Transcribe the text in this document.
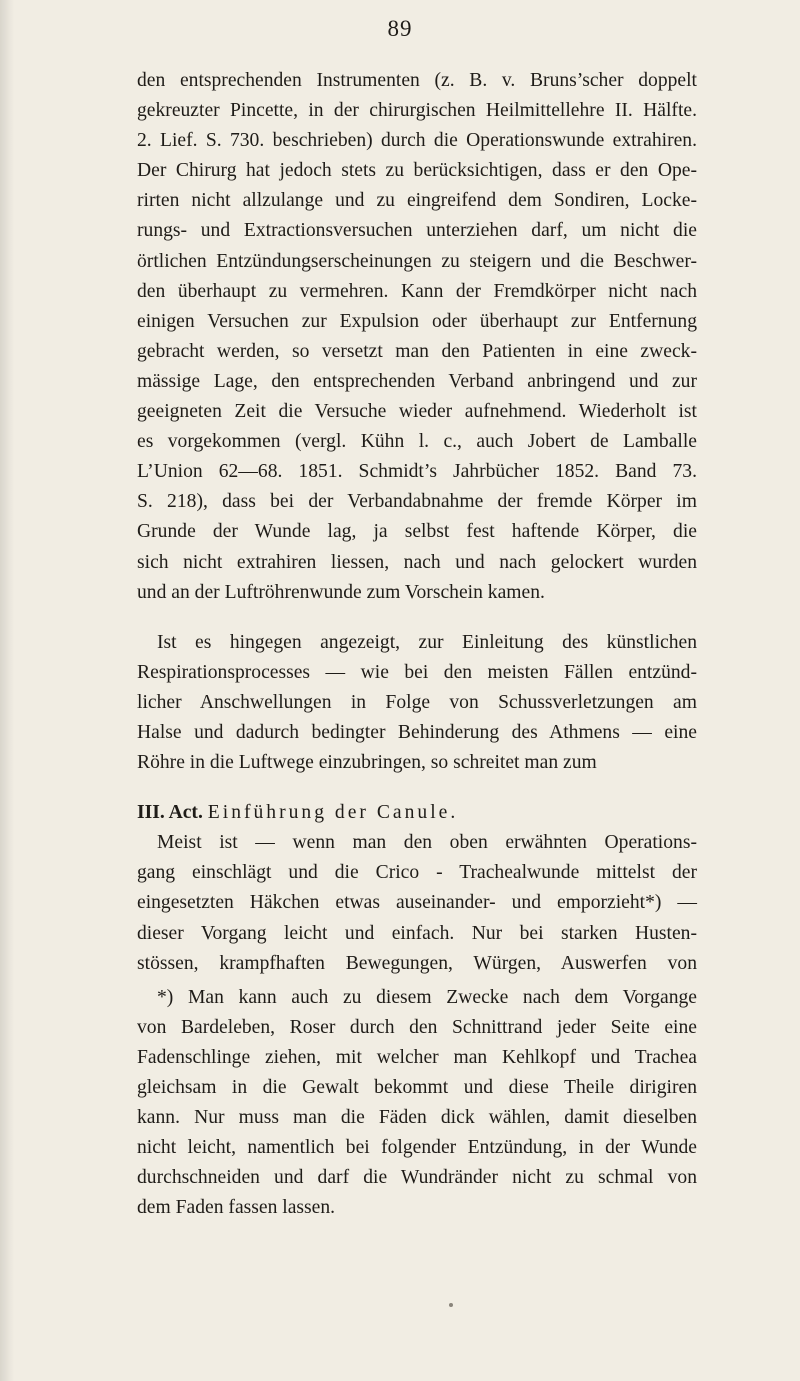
89
den entsprechenden Instrumenten (z. B. v. Bruns’scher doppelt
gekreuzter Pincette, in der chirurgischen Heilmittellehre II. Hälfte.
2. Lief. S. 730. beschrieben) durch die Operationswunde extrahiren.
Der Chirurg hat jedoch stets zu berücksichtigen, dass er den Ope-
rirten nicht allzulange und zu eingreifend dem Sondiren, Locke-
rungs- und Extractionsversuchen unterziehen darf, um nicht die
örtlichen Entzündungserscheinungen zu steigern und die Beschwer-
den überhaupt zu vermehren. Kann der Fremdkörper nicht nach
einigen Versuchen zur Expulsion oder überhaupt zur Entfernung
gebracht werden, so versetzt man den Patienten in eine zweck-
mässige Lage, den entsprechenden Verband anbringend und zur
geeigneten Zeit die Versuche wieder aufnehmend. Wiederholt ist
es vorgekommen (vergl. Kühn l. c., auch Jobert de Lamballe
L’Union 62—68. 1851. Schmidt’s Jahrbücher 1852. Band 73.
S. 218), dass bei der Verbandabnahme der fremde Körper im
Grunde der Wunde lag, ja selbst fest haftende Körper, die
sich nicht extrahiren liessen, nach und nach gelockert wurden
und an der Luftröhrenwunde zum Vorschein kamen.
Ist es hingegen angezeigt, zur Einleitung des künstlichen
Respirationsprocesses — wie bei den meisten Fällen entzünd-
licher Anschwellungen in Folge von Schussverletzungen am
Halse und dadurch bedingter Behinderung des Athmens — eine
Röhre in die Luftwege einzubringen, so schreitet man zum
III. Act. Einführung der Canule.
Meist ist — wenn man den oben erwähnten Operations-
gang einschlägt und die Crico - Trachealwunde mittelst der
eingesetzten Häkchen etwas auseinander- und emporzieht*) —
dieser Vorgang leicht und einfach. Nur bei starken Husten-
stössen, krampfhaften Bewegungen, Würgen, Auswerfen von
*) Man kann auch zu diesem Zwecke nach dem Vorgange
von Bardeleben, Roser durch den Schnittrand jeder Seite eine
Fadenschlinge ziehen, mit welcher man Kehlkopf und Trachea
gleichsam in die Gewalt bekommt und diese Theile dirigiren
kann. Nur muss man die Fäden dick wählen, damit dieselben
nicht leicht, namentlich bei folgender Entzündung, in der Wunde
durchschneiden und darf die Wundränder nicht zu schmal von
dem Faden fassen lassen.
